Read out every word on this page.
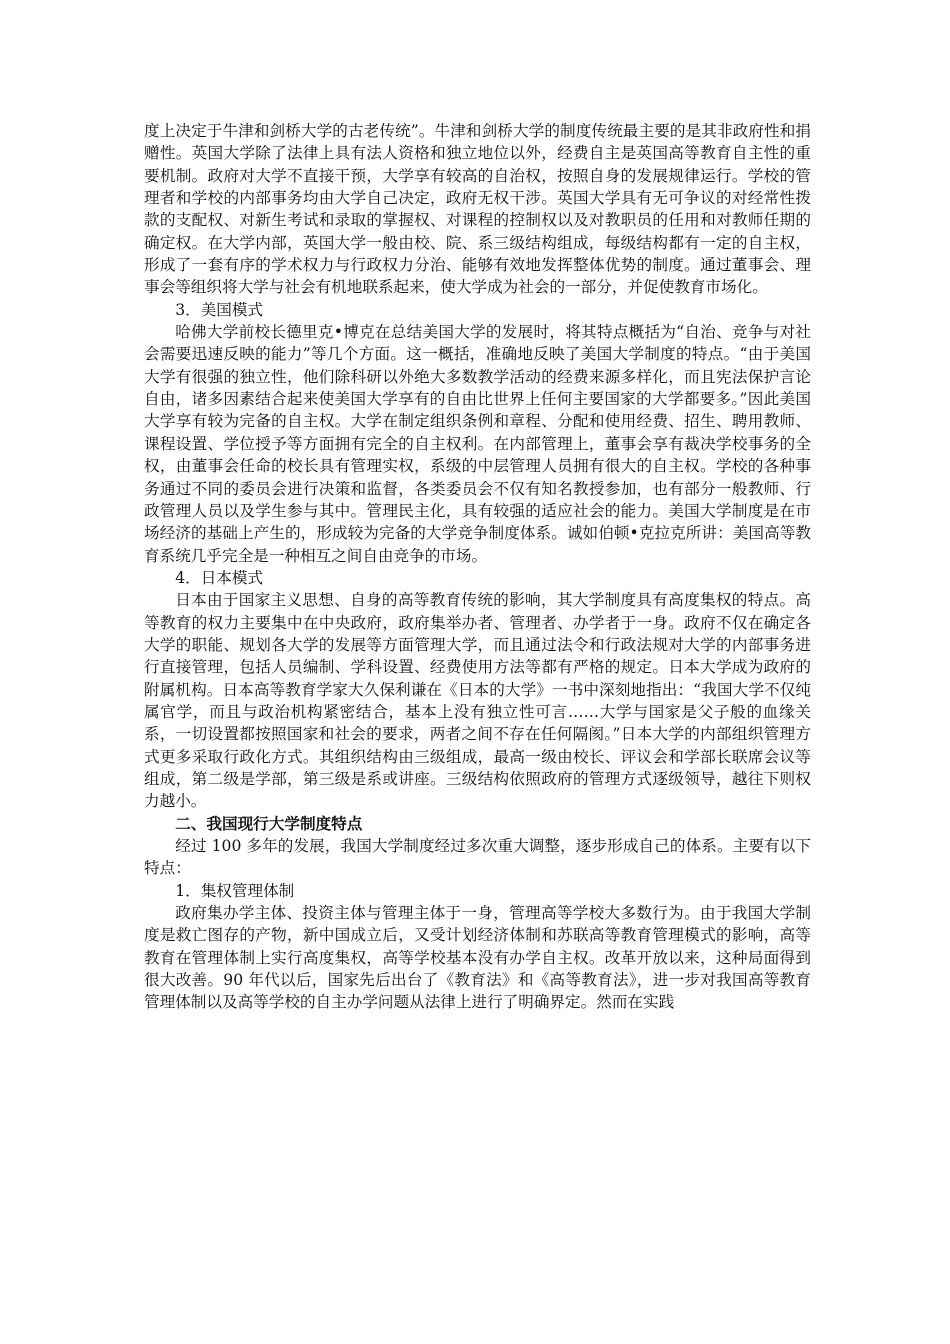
度上决定于牛津和剑桥大学的古老传统”。牛津和剑桥大学的制度传统最主要的是其非政府性和捐赠性。英国大学除了法律上具有法人资格和独立地位以外，经费自主是英国高等教育自主性的重要机制。政府对大学不直接干预，大学享有较高的自治权，按照自身的发展规律运行。学校的管理者和学校的内部事务均由大学自己决定，政府无权干涉。英国大学具有无可争议的对经常性拨款的支配权、对新生考试和录取的掌握权、对课程的控制权以及对教职员的任用和对教师任期的确定权。在大学内部，英国大学一般由校、院、系三级结构组成，每级结构都有一定的自主权，形成了一套有序的学术权力与行政权力分治、能够有效地发挥整体优势的制度。通过董事会、理事会等组织将大学与社会有机地联系起来，使大学成为社会的一部分，并促使教育市场化。

3．美国模式

哈佛大学前校长德里克•博克在总结美国大学的发展时，将其特点概括为“自治、竞争与对社会需要迅速反映的能力”等几个方面。这一概括，准确地反映了美国大学制度的特点。“由于美国大学有很强的独立性，他们除科研以外绝大多数教学活动的经费来源多样化，而且宪法保护言论自由，诸多因素结合起来使美国大学享有的自由比世界上任何主要国家的大学都要多。”因此美国大学享有较为完备的自主权。大学在制定组织条例和章程、分配和使用经费、招生、聘用教师、课程设置、学位授予等方面拥有完全的自主权利。在内部管理上，董事会享有裁决学校事务的全权，由董事会任命的校长具有管理实权，系级的中层管理人员拥有很大的自主权。学校的各种事务通过不同的委员会进行决策和监督，各类委员会不仅有知名教授参加，也有部分一般教师、行政管理人员以及学生参与其中。管理民主化，具有较强的适应社会的能力。美国大学制度是在市场经济的基础上产生的，形成较为完备的大学竞争制度体系。诚如伯顿•克拉克所讲：美国高等教育系统几乎完全是一种相互之间自由竞争的市场。

4．日本模式

日本由于国家主义思想、自身的高等教育传统的影响，其大学制度具有高度集权的特点。高等教育的权力主要集中在中央政府，政府集举办者、管理者、办学者于一身。政府不仅在确定各大学的职能、规划各大学的发展等方面管理大学，而且通过法令和行政法规对大学的内部事务进行直接管理，包括人员编制、学科设置、经费使用方法等都有严格的规定。日本大学成为政府的附属机构。日本高等教育学家大久保利谦在《日本的大学》一书中深刻地指出：“我国大学不仅纯属官学，而且与政治机构紧密结合，基本上没有独立性可言……大学与国家是父子般的血缘关系，一切设置都按照国家和社会的要求，两者之间不存在任何隔阂。”日本大学的内部组织管理方式更多采取行政化方式。其组织结构由三级组成，最高一级由校长、评议会和学部长联席会议等组成，第二级是学部，第三级是系或讲座。三级结构依照政府的管理方式逐级领导，越往下则权力越小。

二、我国现行大学制度特点

经过 100 多年的发展，我国大学制度经过多次重大调整，逐步形成自己的体系。主要有以下特点：

1．集权管理体制

政府集办学主体、投资主体与管理主体于一身，管理高等学校大多数行为。由于我国大学制度是救亡图存的产物，新中国成立后，又受计划经济体制和苏联高等教育管理模式的影响，高等教育在管理体制上实行高度集权，高等学校基本没有办学自主权。改革开放以来，这种局面得到很大改善。90 年代以后，国家先后出台了《教育法》和《高等教育法》，进一步对我国高等教育管理体制以及高等学校的自主办学问题从法律上进行了明确界定。然而在实践
